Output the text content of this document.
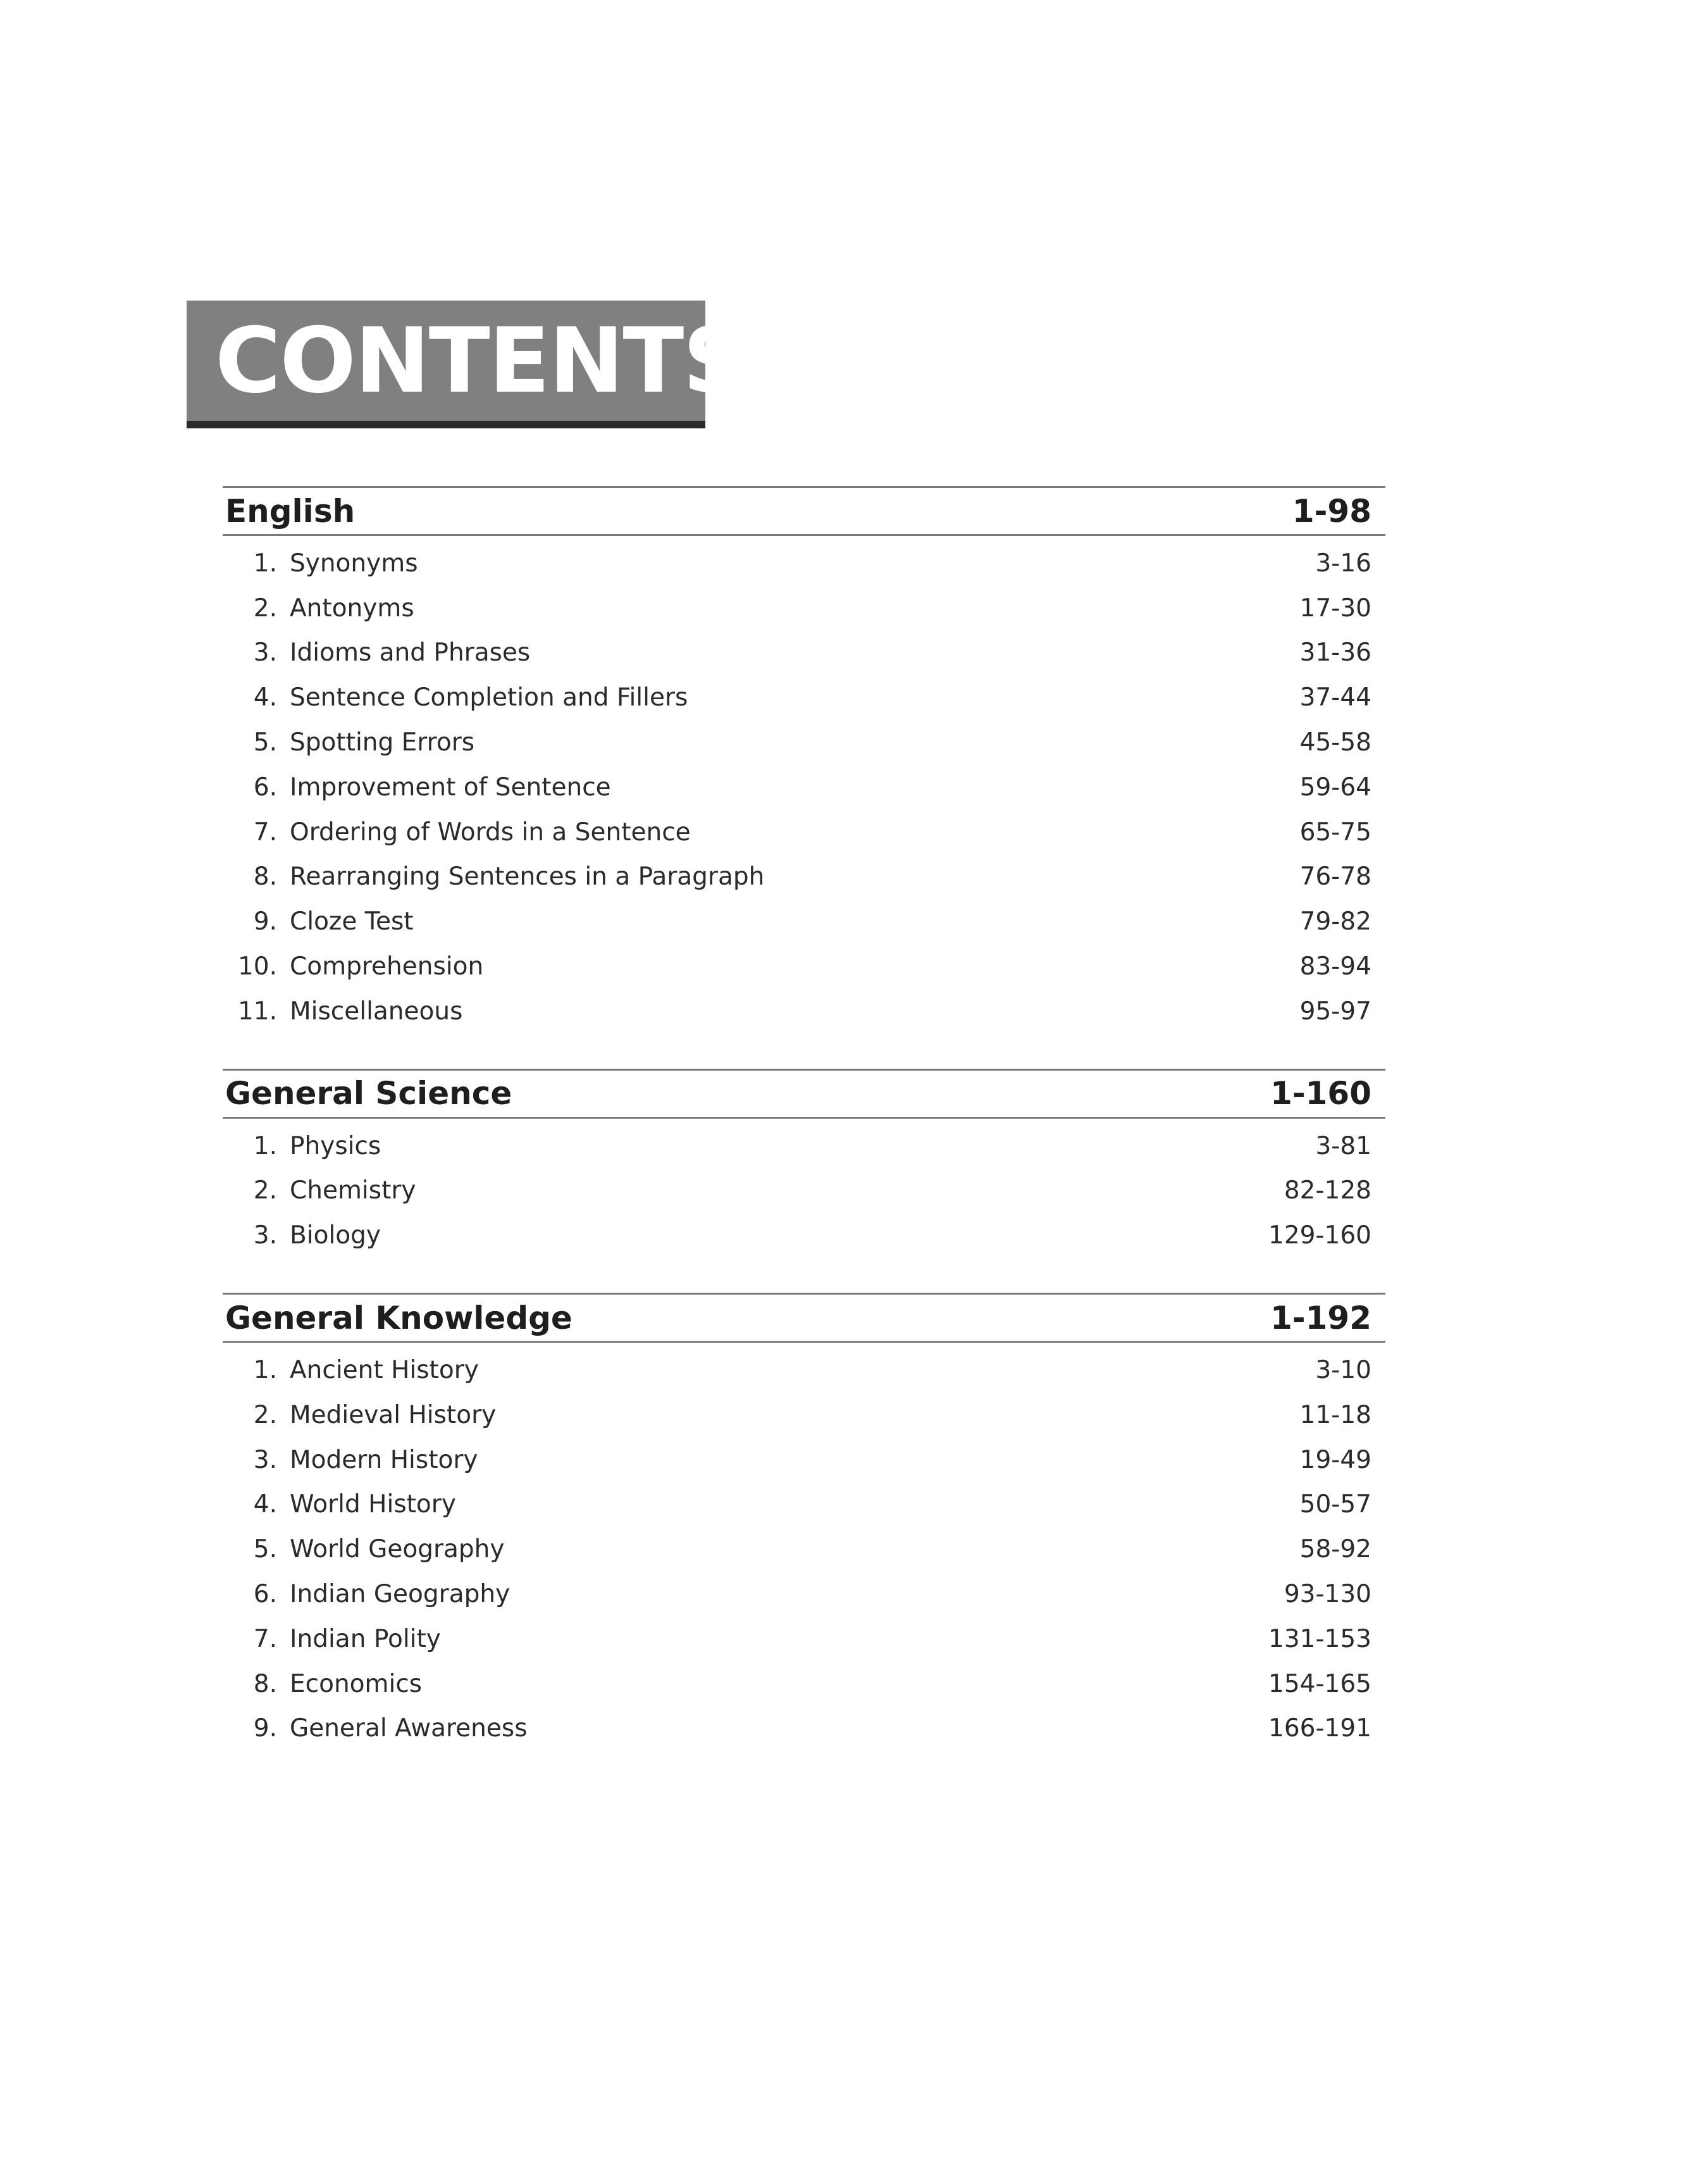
CONTENTS
English	1-98
1. Synonyms	3-16
2. Antonyms	17-30
3. Idioms and Phrases	31-36
4. Sentence Completion and Fillers	37-44
5. Spotting Errors	45-58
6. Improvement of Sentence	59-64
7. Ordering of Words in a Sentence	65-75
8. Rearranging Sentences in a Paragraph	76-78
9. Cloze Test	79-82
10. Comprehension	83-94
11. Miscellaneous	95-97
General Science	1-160
1. Physics	3-81
2. Chemistry	82-128
3. Biology	129-160
General Knowledge	1-192
1. Ancient History	3-10
2. Medieval History	11-18
3. Modern History	19-49
4. World History	50-57
5. World Geography	58-92
6. Indian Geography	93-130
7. Indian Polity	131-153
8. Economics	154-165
9. General Awareness	166-191
